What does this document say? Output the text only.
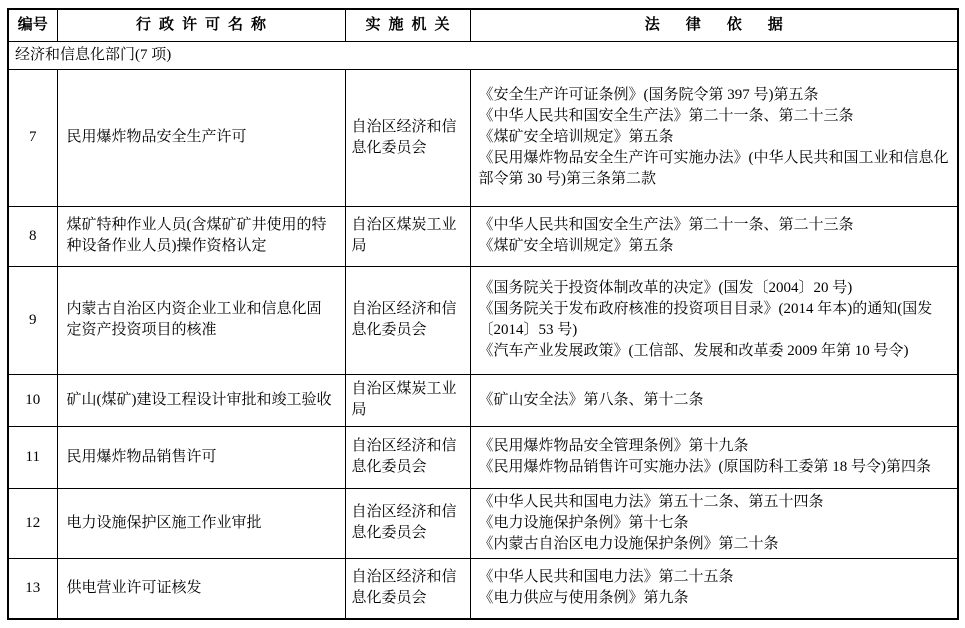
编号	行政许可名称	实施机关	法律依据
经济和信息化部门(7 项)			
7	民用爆炸物品安全生产许可	自治区经济和信息化委员会	《安全生产许可证条例》(国务院令第 397 号)第五条
《中华人民共和国安全生产法》第二十一条、第二十三条
《煤矿安全培训规定》第五条
《民用爆炸物品安全生产许可实施办法》(中华人民共和国工业和信息化部令第 30 号)第三条第二款

8	煤矿特种作业人员(含煤矿矿井使用的特种设备作业人员)操作资格认定	自治区煤炭工业局	《中华人民共和国安全生产法》第二十一条、第二十三条
《煤矿安全培训规定》第五条

9	内蒙古自治区内资企业工业和信息化固定资产投资项目的核准	自治区经济和信息化委员会	《国务院关于投资体制改革的决定》(国发〔2004〕20 号)
《国务院关于发布政府核准的投资项目目录》(2014 年本)的通知(国发〔2014〕53 号)
《汽车产业发展政策》(工信部、发展和改革委 2009 年第 10 号令)

10	矿山(煤矿)建设工程设计审批和竣工验收	自治区煤炭工业局	《矿山安全法》第八条、第十二条

11	民用爆炸物品销售许可	自治区经济和信息化委员会	《民用爆炸物品安全管理条例》第十九条
《民用爆炸物品销售许可实施办法》(原国防科工委第 18 号令)第四条

12	电力设施保护区施工作业审批	自治区经济和信息化委员会	《中华人民共和国电力法》第五十二条、第五十四条
《电力设施保护条例》第十七条
《内蒙古自治区电力设施保护条例》第二十条

13	供电营业许可证核发	自治区经济和信息化委员会	《中华人民共和国电力法》第二十五条
《电力供应与使用条例》第九条
